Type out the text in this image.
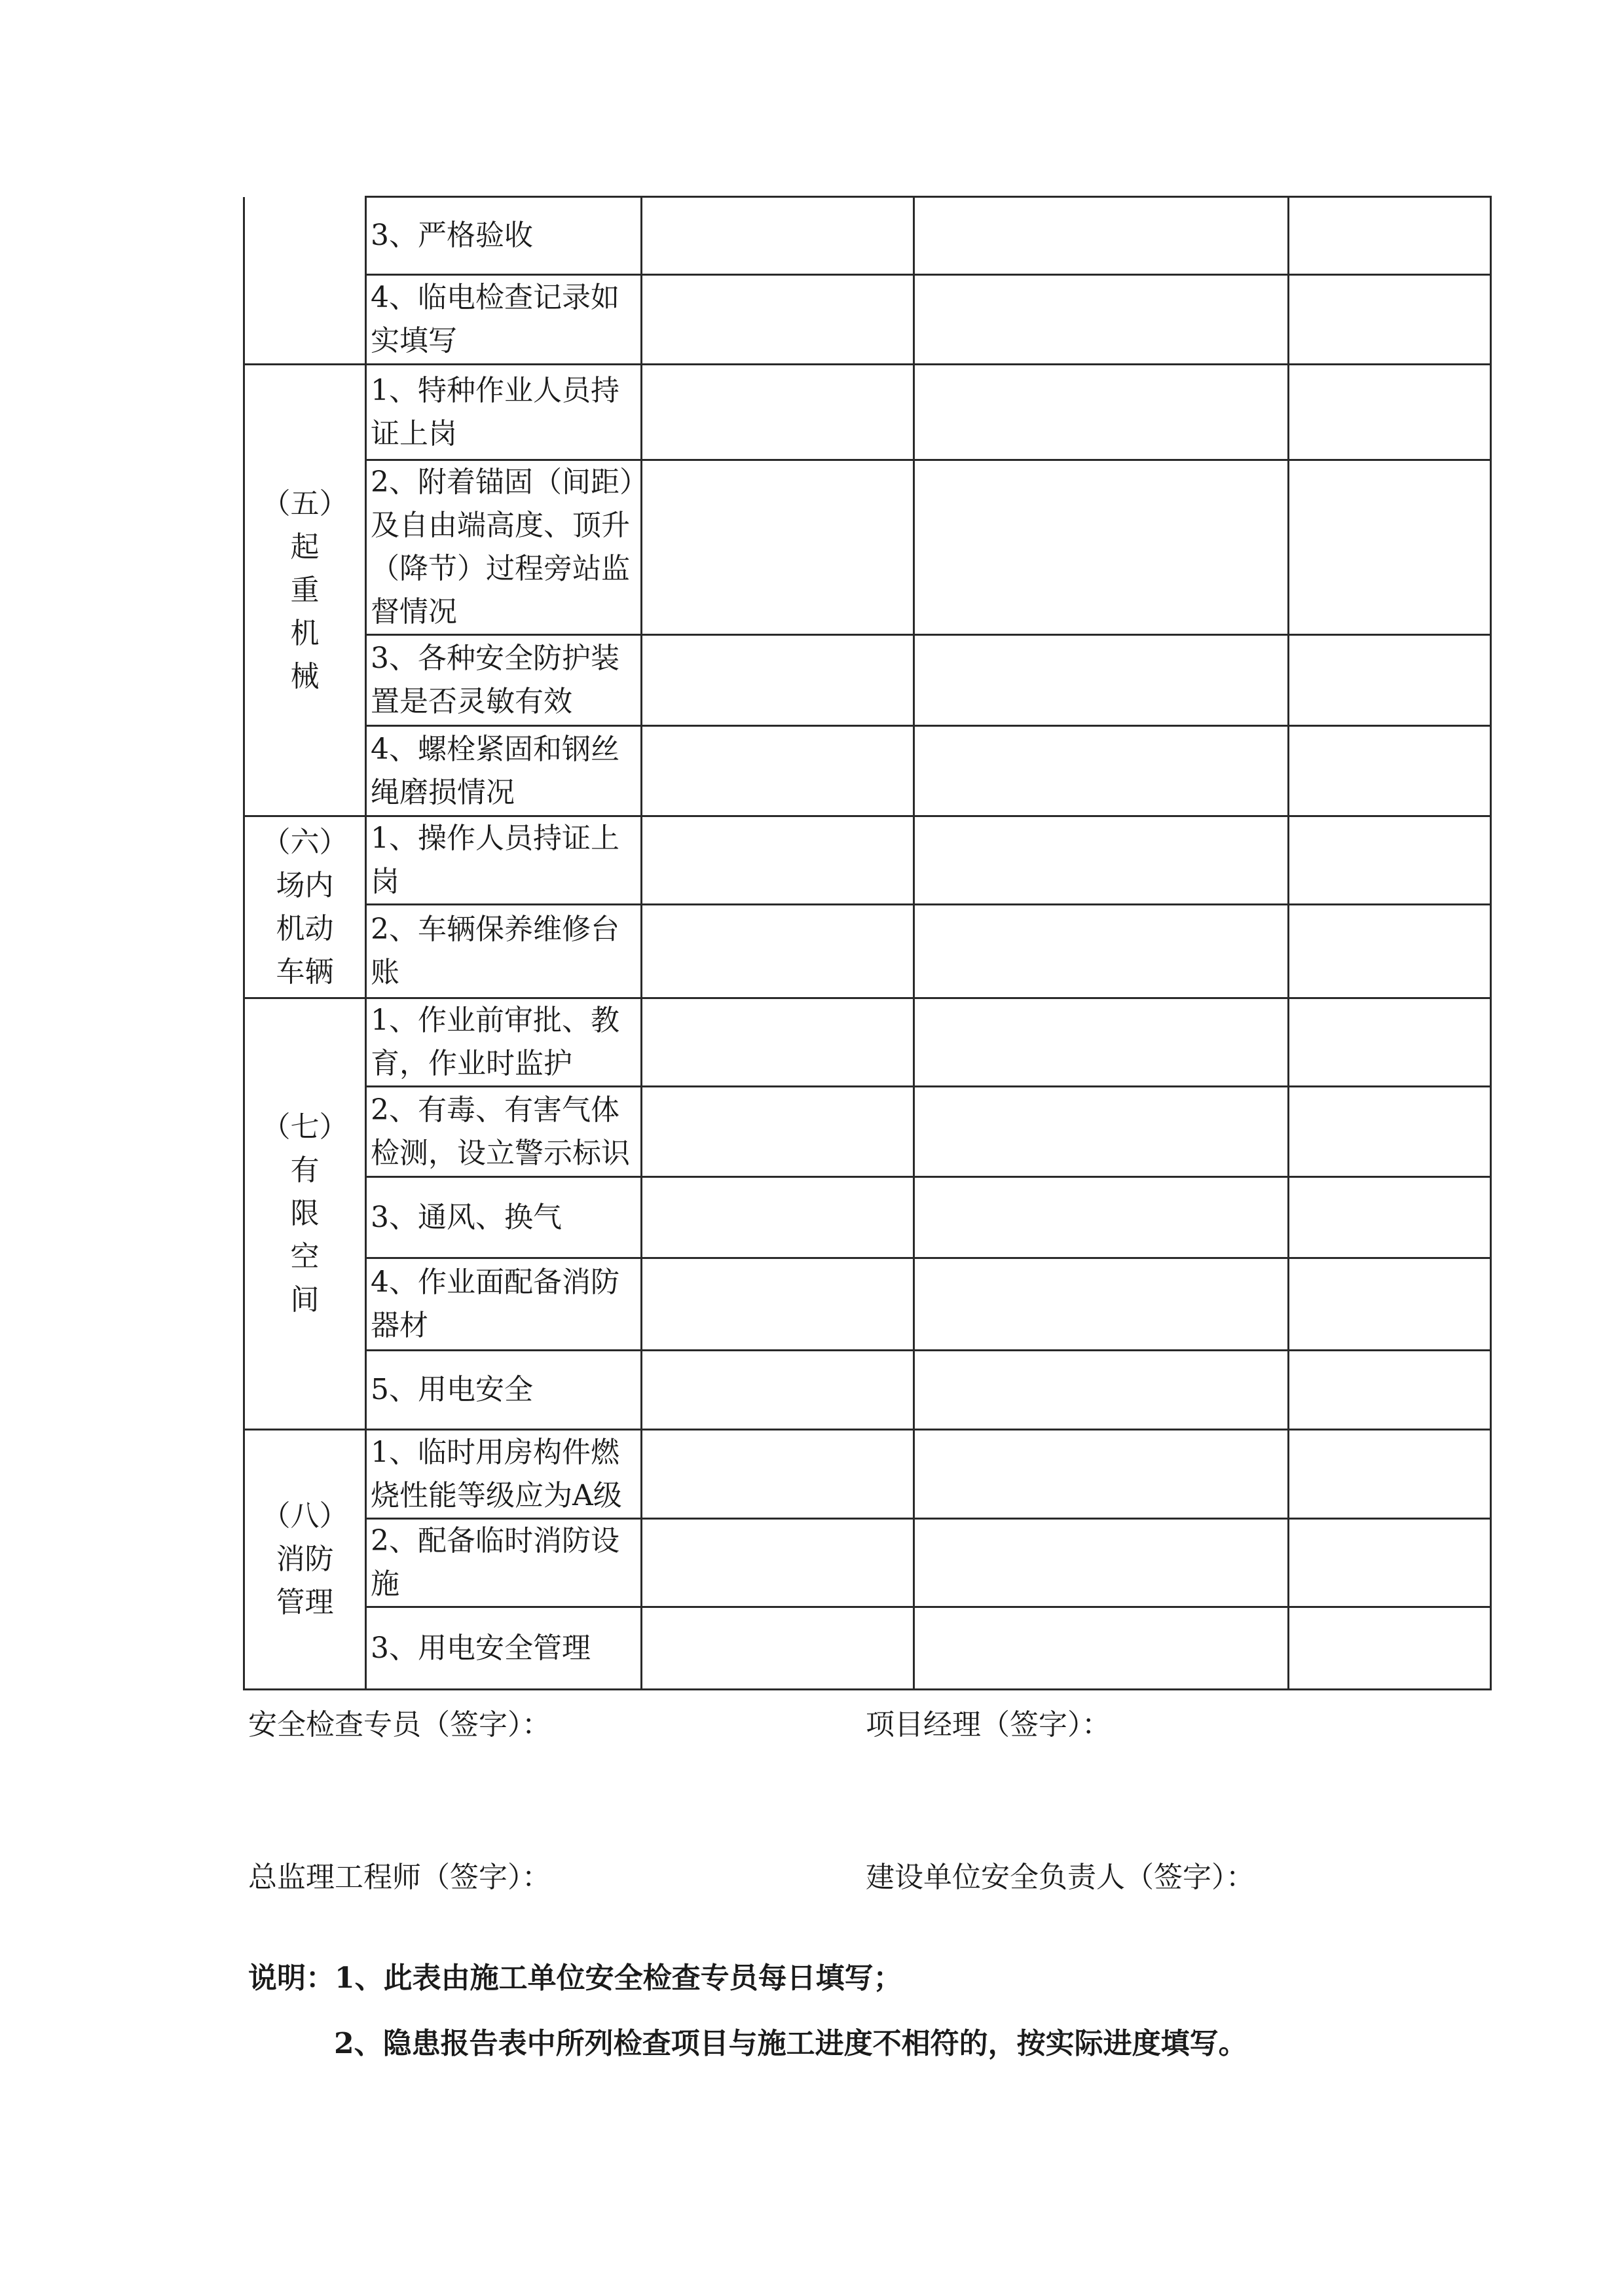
	3、严格验收			

	4、临电检查记录如实填写			

（五）
起
重
机
械	1、特种作业人员持证上岗			

	2、附着锚固（间距）及自由端高度、顶升（降节）过程旁站监督情况			

	3、各种安全防护装置是否灵敏有效			

	4、螺栓紧固和钢丝绳磨损情况			

（六）
场内
机动
车辆	1、操作人员持证上岗			

	2、车辆保养维修台账			

（七）
有
限
空
间	1、作业前审批、教育，作业时监护			

	2、有毒、有害气体检测，设立警示标识			

	3、通风、换气			

	4、作业面配备消防器材			

	5、用电安全			

（八）
消防
管理	1、临时用房构件燃烧性能等级应为A级			

	2、配备临时消防设施			

	3、用电安全管理			

安全检查专员（签字）：	项目经理（签字）：
总监理工程师（签字）：	建设单位安全负责人（签字）：
说明：1、此表由施工单位安全检查专员每日填写；
2、隐患报告表中所列检查项目与施工进度不相符的，按实际进度填写。
